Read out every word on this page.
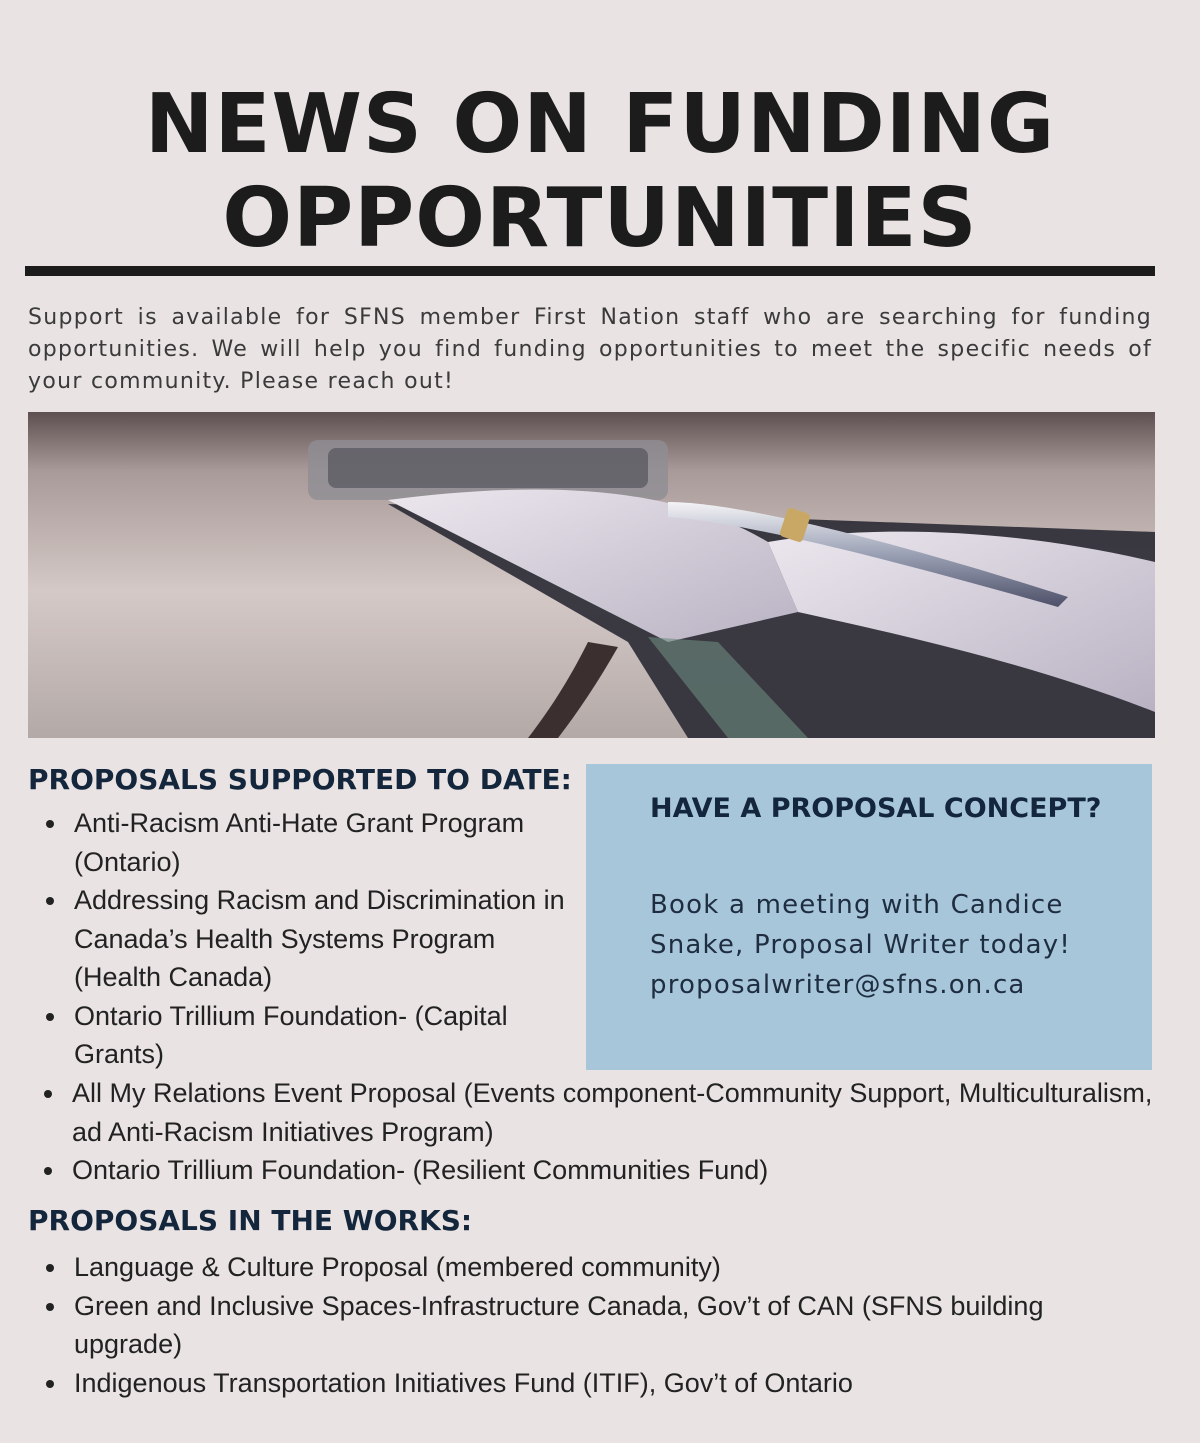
NEWS ON FUNDING
OPPORTUNITIES
Support is available for SFNS member First Nation staff who are searching for funding opportunities. We will help you find funding opportunities to meet the specific needs of your community. Please reach out!
PROPOSALS SUPPORTED TO DATE:
Anti-Racism Anti-Hate Grant Program (Ontario)
Addressing Racism and Discrimination in Canada’s Health Systems Program (Health Canada)
Ontario Trillium Foundation- (Capital Grants)
HAVE A PROPOSAL CONCEPT?
Book a meeting with Candice Snake, Proposal Writer today!
proposalwriter@sfns.on.ca
All My Relations Event Proposal (Events component-Community Support, Multiculturalism, ad Anti-Racism Initiatives Program)
Ontario Trillium Foundation- (Resilient Communities Fund)
PROPOSALS IN THE WORKS:
Language & Culture Proposal (membered community)
Green and Inclusive Spaces-Infrastructure Canada, Gov’t of CAN (SFNS building upgrade)
Indigenous Transportation Initiatives Fund (ITIF), Gov’t of Ontario
